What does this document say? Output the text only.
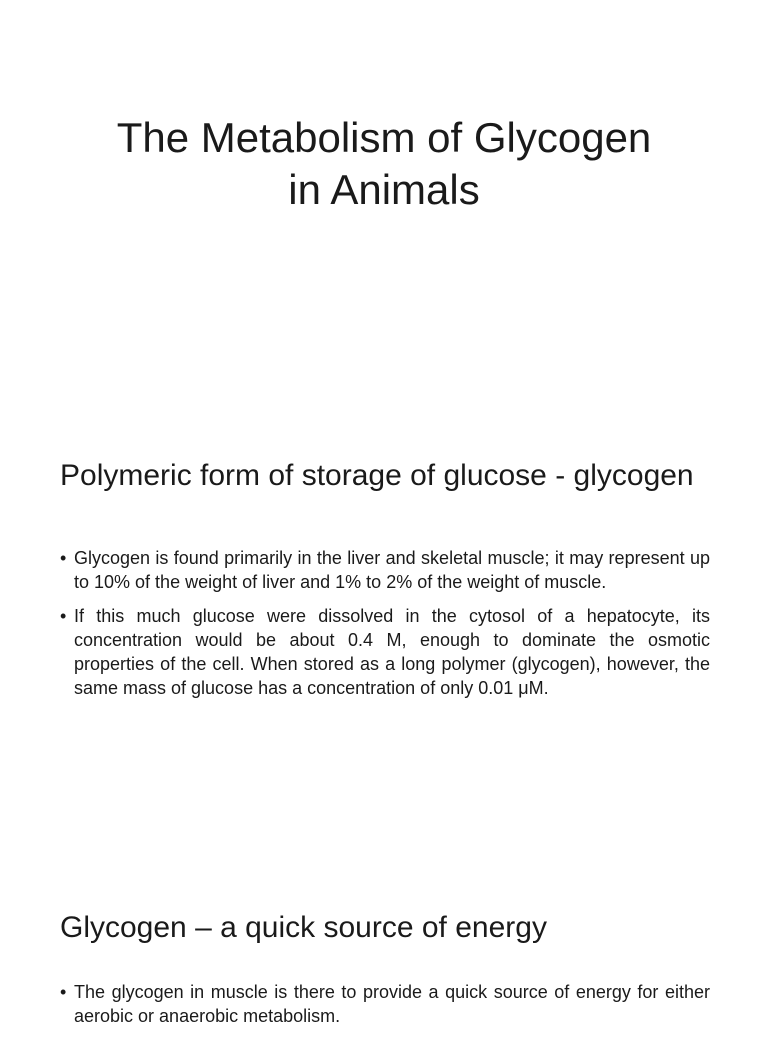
The Metabolism of Glycogen
in Animals
Polymeric form of storage of glucose - glycogen
• Glycogen is found primarily in the liver and skeletal muscle; it may represent up to 10% of the weight of liver and 1% to 2% of the weight of muscle.
• If this much glucose were dissolved in the cytosol of a hepatocyte, its concentration would be about 0.4 M, enough to dominate the osmotic properties of the cell. When stored as a long polymer (glycogen), however, the same mass of glucose has a concentration of only 0.01 μM.
Glycogen – a quick source of energy
• The glycogen in muscle is there to provide a quick source of energy for either aerobic or anaerobic metabolism.
